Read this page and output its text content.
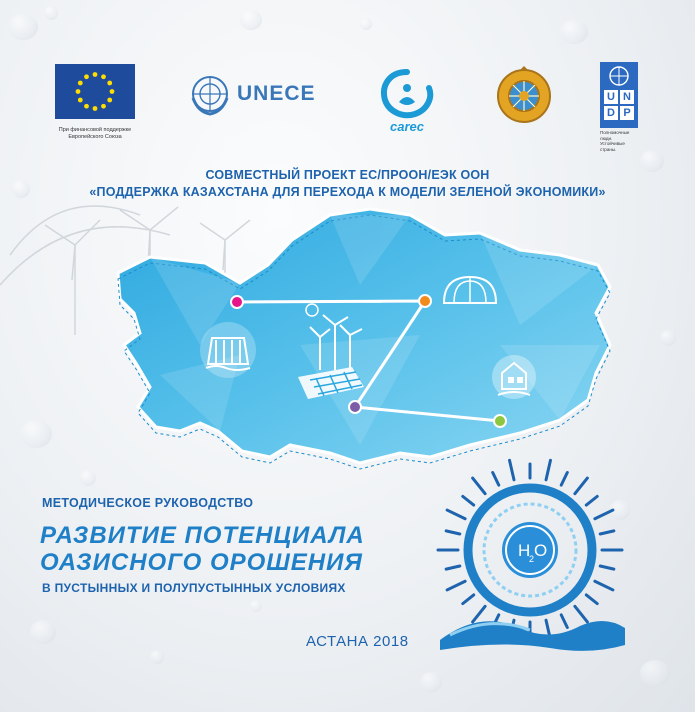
При финансовой поддержке
Европейского Союза
UNECE
carec
U N
D P
Полномочные люди.
Устойчивые страны.
СОВМЕСТНЫЙ ПРОЕКТ ЕС/ПРООН/ЕЭК ООН
«ПОДДЕРЖКА КАЗАХСТАНА ДЛЯ ПЕРЕХОДА К МОДЕЛИ ЗЕЛЕНОЙ ЭКОНОМИКИ»
МЕТОДИЧЕСКОЕ РУКОВОДСТВО
РАЗВИТИЕ ПОТЕНЦИАЛА
ОАЗИСНОГО ОРОШЕНИЯ
В ПУСТЫННЫХ И ПОЛУПУСТЫННЫХ УСЛОВИЯХ
АСТАНА 2018
H
2 O
